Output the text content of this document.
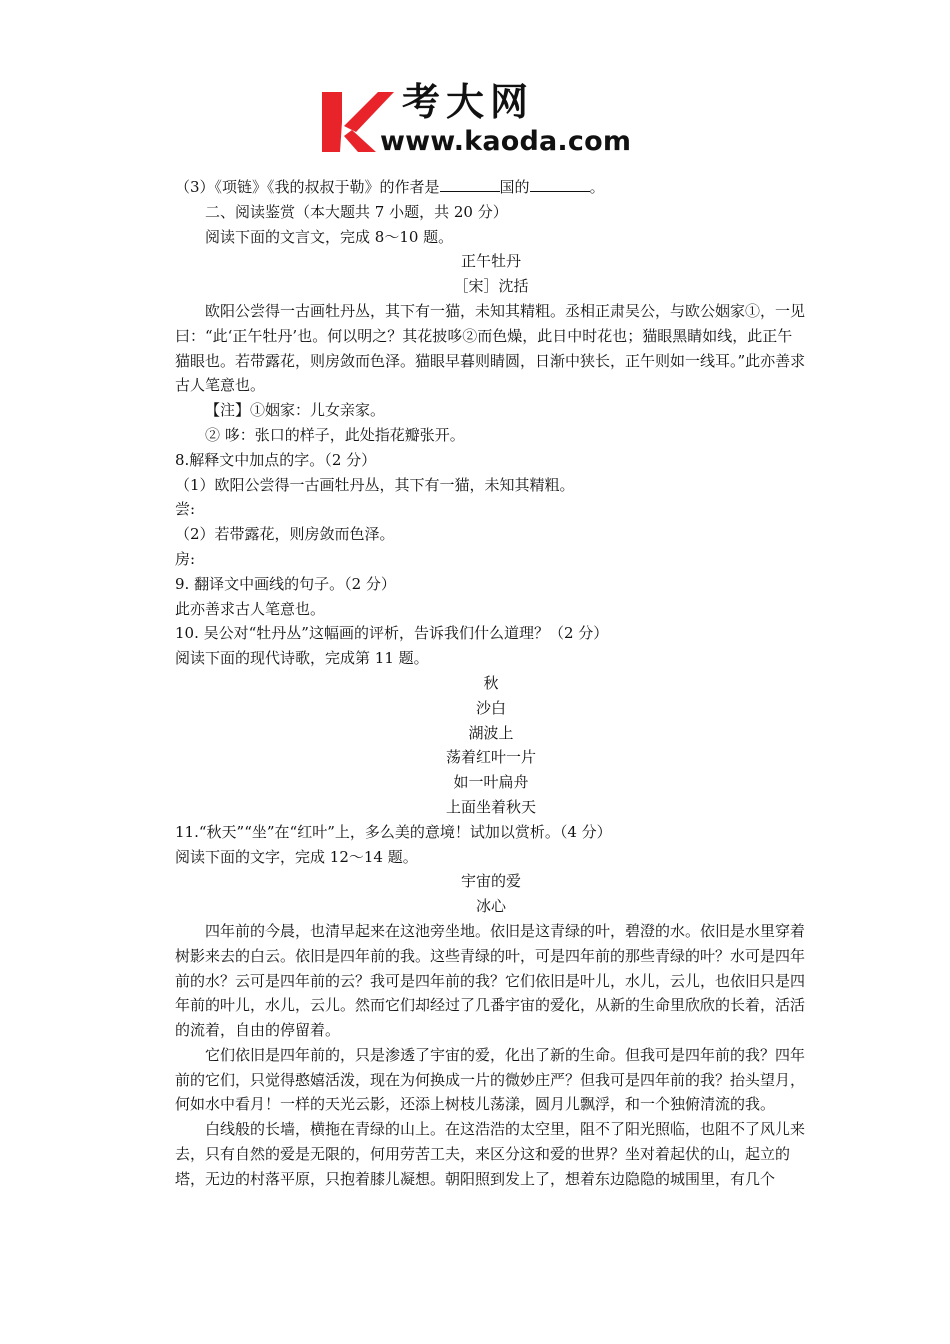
考大网
www.kaoda.com

（3）《项链》《我的叔叔于勒》的作者是	国的	。

二、阅读鉴赏（本大题共 7 小题，共 20 分）

阅读下面的文言文，完成 8～10 题。

正午牡丹

［宋］沈括

欧阳公尝得一古画牡丹丛，其下有一猫，未知其精粗。丞相正肃吴公，与欧公姻家①，一见曰：“此‘正午牡丹’也。何以明之？其花披哆②而色燥，此日中时花也；猫眼黑睛如线，此正午猫眼也。若带露花，则房敛而色泽。猫眼早暮则睛圆，日渐中狭长，正午则如一线耳。”此亦善求古人笔意也。

【注】①姻家：儿女亲家。

② 哆：张口的样子，此处指花瓣张开。

8.解释文中加点的字。（2 分）

（1）欧阳公尝得一古画牡丹丛，其下有一猫，未知其精粗。

尝:

（2）若带露花，则房敛而色泽。

房:

9. 翻译文中画线的句子。（2 分）

此亦善求古人笔意也。

10. 吴公对“牡丹丛”这幅画的评析，告诉我们什么道理？（2 分）

阅读下面的现代诗歌，完成第 11 题。

秋

沙白

湖波上

荡着红叶一片

如一叶扁舟

上面坐着秋天

11.“秋天”“坐”在“红叶”上，多么美的意境！试加以赏析。（4 分）

阅读下面的文字，完成 12～14 题。

宇宙的爱

冰心

四年前的今晨，也清早起来在这池旁坐地。依旧是这青绿的叶，碧澄的水。依旧是水里穿着树影来去的白云。依旧是四年前的我。这些青绿的叶，可是四年前的那些青绿的叶？水可是四年前的水？云可是四年前的云？我可是四年前的我？它们依旧是叶儿，水儿，云儿，也依旧只是四年前的叶儿，水儿，云儿。然而它们却经过了几番宇宙的爱化，从新的生命里欣欣的长着，活活的流着，自由的停留着。

它们依旧是四年前的，只是渗透了宇宙的爱，化出了新的生命。但我可是四年前的我？四年前的它们，只觉得憨嬉活泼，现在为何换成一片的微妙庄严？但我可是四年前的我？抬头望月，何如水中看月！一样的天光云影，还添上树枝儿荡漾，圆月儿飘浮，和一个独俯清流的我。

白线般的长墙，横拖在青绿的山上。在这浩浩的太空里，阻不了阳光照临，也阻不了风儿来去，只有自然的爱是无限的，何用劳苦工夫，来区分这和爱的世界？坐对着起伏的山，起立的塔，无边的村落平原，只抱着膝儿凝想。朝阳照到发上了，想着东边隐隐的城围里，有几个
